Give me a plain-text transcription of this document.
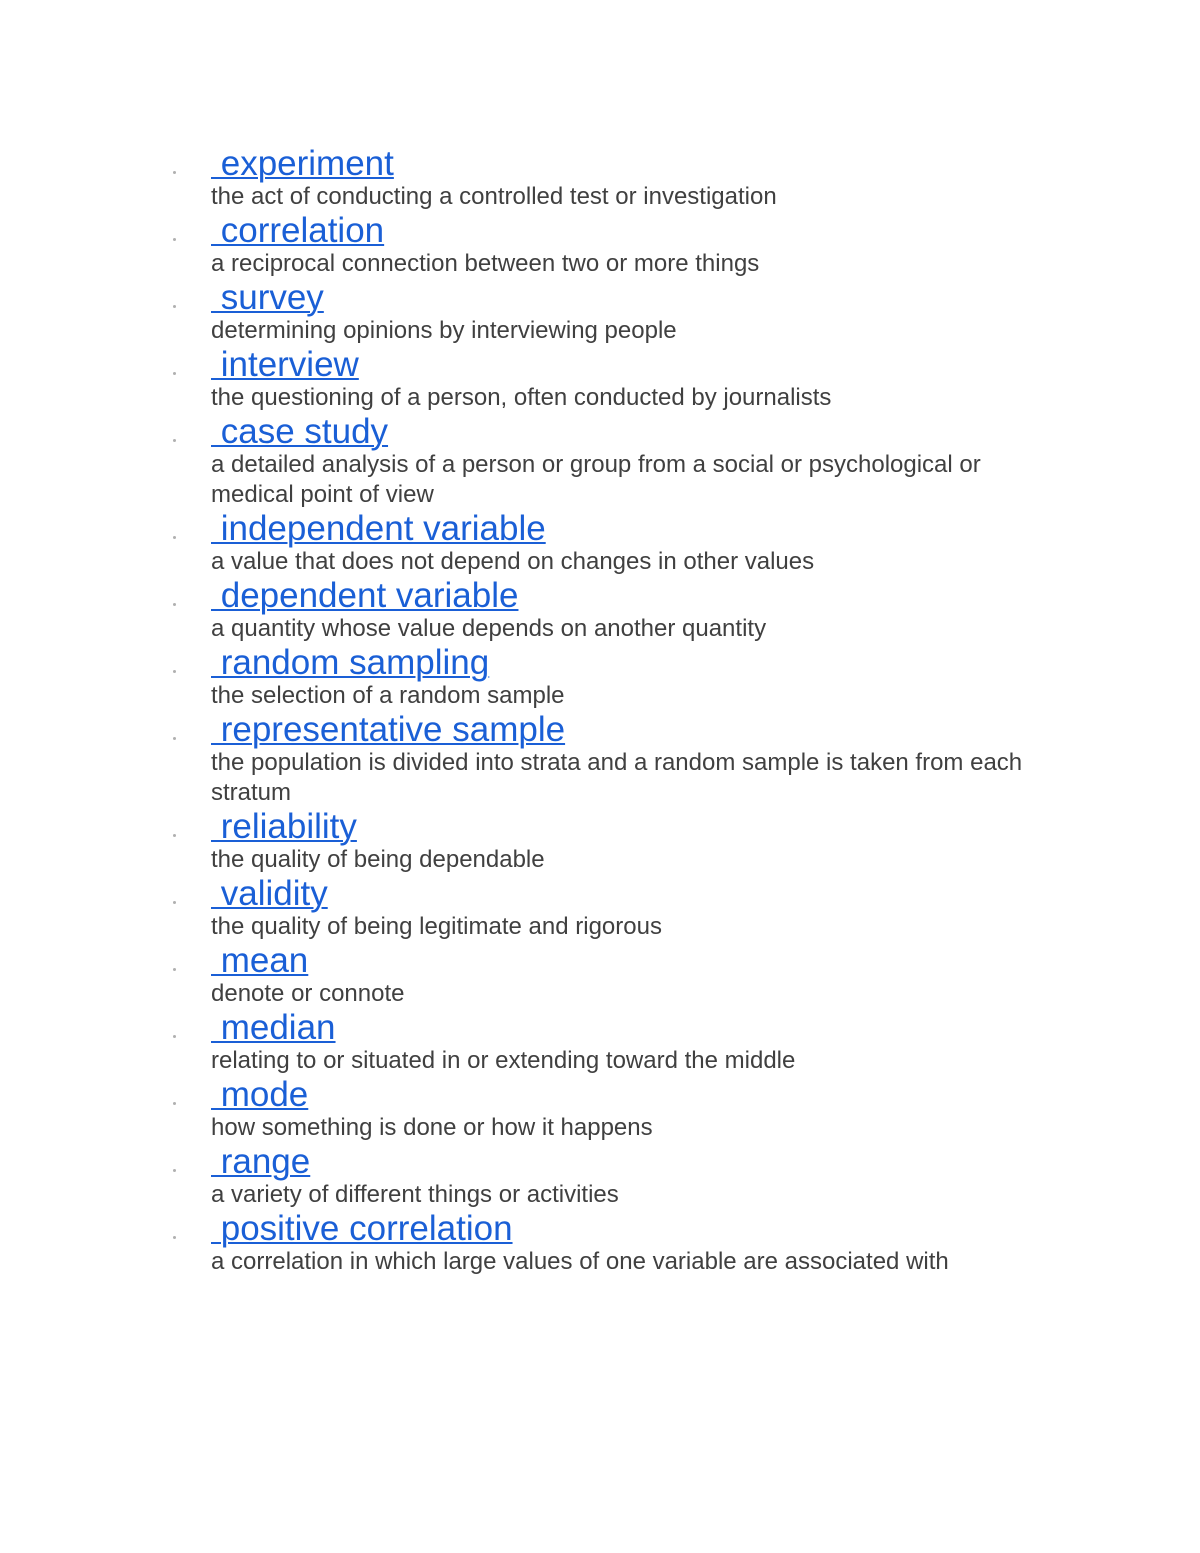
experiment

the act of conducting a controlled test or investigation

correlation

a reciprocal connection between two or more things

survey

determining opinions by interviewing people

interview

the questioning of a person, often conducted by journalists

case study

a detailed analysis of a person or group from a social or psychological or medical point of view

independent variable

a value that does not depend on changes in other values

dependent variable

a quantity whose value depends on another quantity

random sampling

the selection of a random sample

representative sample

the population is divided into strata and a random sample is taken from each stratum

reliability

the quality of being dependable

validity

the quality of being legitimate and rigorous

mean

denote or connote

median

relating to or situated in or extending toward the middle

mode

how something is done or how it happens

range

a variety of different things or activities

positive correlation

a correlation in which large values of one variable are associated with
